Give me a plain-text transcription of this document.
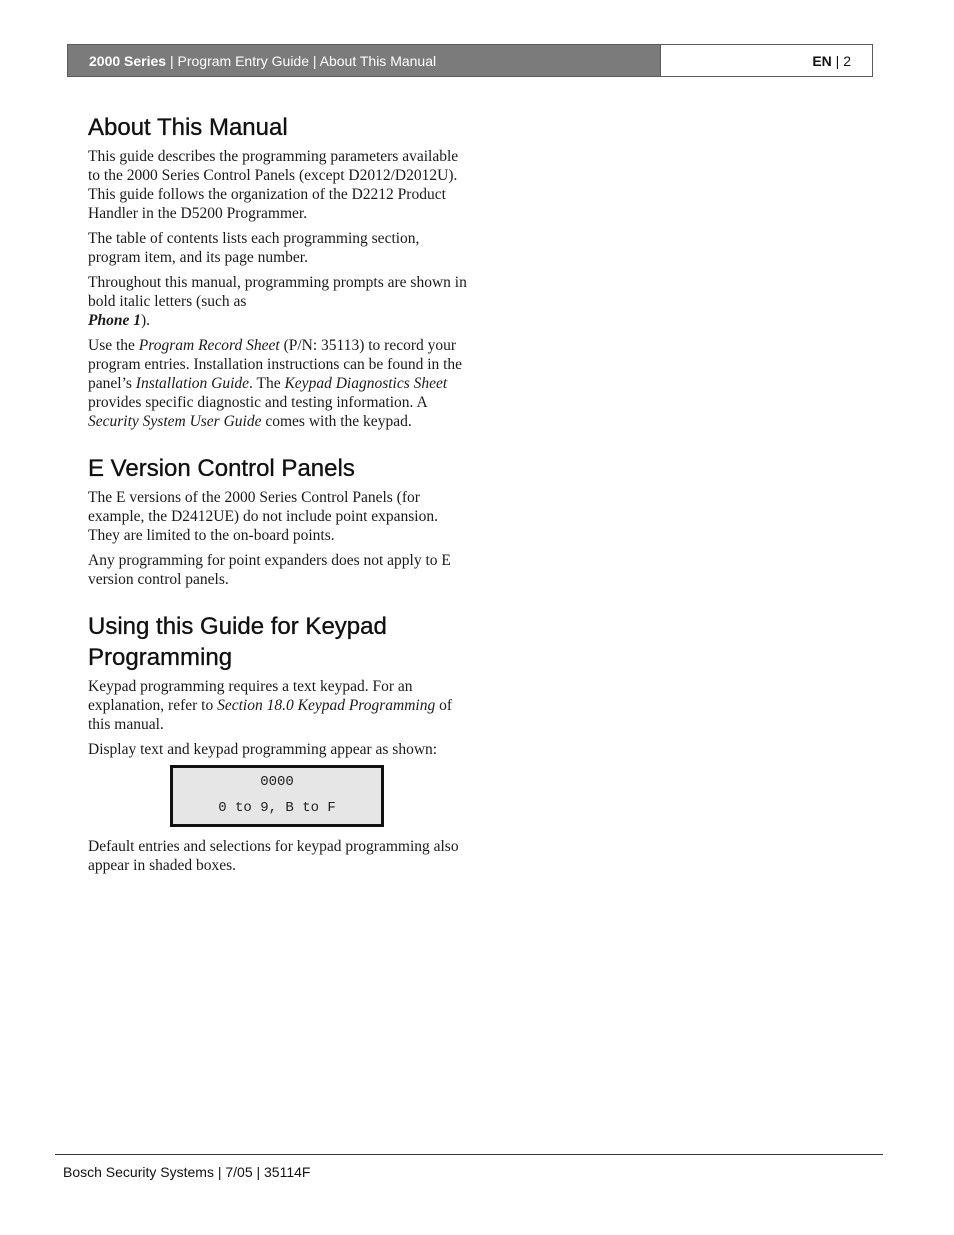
2000 Series | Program Entry Guide | About This Manual	EN | 2
About This Manual

This guide describes the programming parameters available to the 2000 Series Control Panels (except D2012/D2012U). This guide follows the organization of the D2212 Product Handler in the D5200 Programmer.

The table of contents lists each programming section, program item, and its page number.

Throughout this manual, programming prompts are shown in bold italic letters (such as
Phone 1).

Use the Program Record Sheet (P/N: 35113) to record your program entries. Installation instructions can be found in the panel’s Installation Guide. The Keypad Diagnostics Sheet provides specific diagnostic and testing information. A Security System User Guide comes with the keypad.

E Version Control Panels

The E versions of the 2000 Series Control Panels (for example, the D2412UE) do not include point expansion. They are limited to the on-board points.

Any programming for point expanders does not apply to E version control panels.

Using this Guide for Keypad Programming

Keypad programming requires a text keypad. For an explanation, refer to Section 18.0 Keypad Programming of this manual.

Display text and keypad programming appear as shown:

0000
0 to 9, B to F

Default entries and selections for keypad programming also appear in shaded boxes.

Bosch Security Systems | 7/05 | 35114F
